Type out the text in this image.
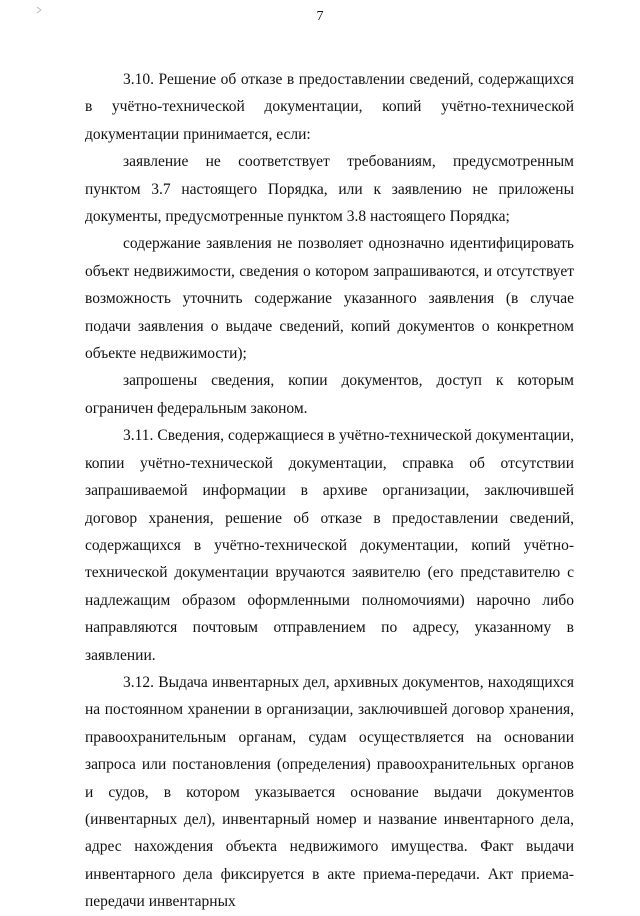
7

3.10. Решение об отказе в предоставлении сведений, содержащихся в учётно-технической документации, копий учётно-технической документации принимается, если:

заявление не соответствует требованиям, предусмотренным пунктом 3.7 настоящего Порядка, или к заявлению не приложены документы, предусмотренные пунктом 3.8 настоящего Порядка;

содержание заявления не позволяет однозначно идентифицировать объект недвижимости, сведения о котором запрашиваются, и отсутствует возможность уточнить содержание указанного заявления (в случае подачи заявления о выдаче сведений, копий документов о конкретном объекте недвижимости);

запрошены сведения, копии документов, доступ к которым ограничен федеральным законом.

3.11. Сведения, содержащиеся в учётно-технической документации, копии учётно-технической документации, справка об отсутствии запрашиваемой информации в архиве организации, заключившей договор хранения, решение об отказе в предоставлении сведений, содержащихся в учётно-технической документации, копий учётно-технической документации вручаются заявителю (его представителю с надлежащим образом оформленными полномочиями) нарочно либо направляются почтовым отправлением по адресу, указанному в заявлении.

3.12. Выдача инвентарных дел, архивных документов, находящихся на постоянном хранении в организации, заключившей договор хранения, правоохранительным органам, судам осуществляется на основании запроса или постановления (определения) правоохранительных органов и судов, в котором указывается основание выдачи документов (инвентарных дел), инвентарный номер и название инвентарного дела, адрес нахождения объекта недвижимого имущества. Факт выдачи инвентарного дела фиксируется в акте приема-передачи. Акт приема-передачи инвентарных
